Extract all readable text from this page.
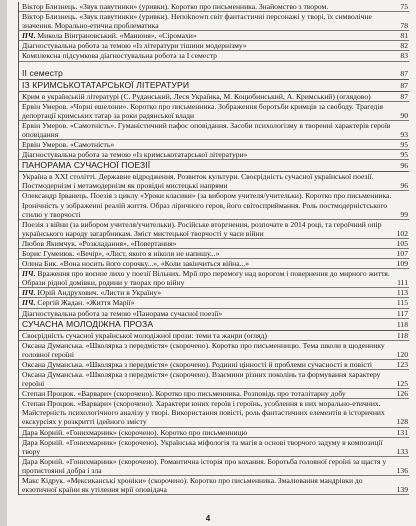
Віктор Близнець. «Звук павутинки» (уривки). Коротко про письменника. Знайомство з твором.	75
Віктор Близнець. «Звук павутинки» (уривки). Непоknown світ фантастичні персонажі у творі, їх символічне значення. Морально-етична проблематика	78
ПЧ. Микола Вінграновський. «Манюня», «Сіромахи»	81
Діагностувальна робота за темою «Із літератури тішини модернізму»	82
Комплексна підсумкова діагностувальна робота за І семестр	83
II семестр	87
ІЗ КРИМСЬКОТАТАРСЬКОЇ ЛІТЕРАТУРИ	87
Крим в українській літературі (С. Руданський, Леся Українка, М. Коцюбинський, А. Кримський) (оглядово)	87
Ервін Умеров. «Чорні ешелони». Коротко про письменника. Зображення боротьби кримців за свободу. Трагедія депортації кримських татар за роки радянської влади	90
Ервін Умеров. «Самотність». Гуманістичний пафос оповідання. Засоби психологізму в творенні характерів героїв оповідання	93
Ервін Умеров. «Самотність»	95
Діагностувальна робота за темою «Із кримськотатарської літератури»	95
ПАНОРАМА СУЧАСНОЇ ПОЕЗІЇ	96
Україна в XXI столітті. Державне відродження. Розвиток культури. Своєрідність сучасної української поезії. Постмодернізм і метамодернізм як провідні мистецькі напрями	96
Олександр Ірванець. Поезія з циклу «Уроки класики» (за вибором учителя/учительки). Коротко про письменника. Іронічність у зображенні реалій життя. Образ ліричного героя, його світосприймання. Роль постмодерністського стилю у творчості	99
Поезія з війни (за вибором учителя/учительки). Російське вторгнення, розпочате в 2014 році, та героїчний опір українського народу загарбникам. Зміст мистецької творчості у часи війни	102
Любов Якимчук. «Розкладання», «Повертання»	105
Борис Гуменюк. «Вечір», «Лист, якого я ніколи не напишу...»	107
Олена Бик. «Вона носить його сорочку...», «Коли закінчиться війна...»	109
ПЧ. Враження про воєнне лихо у поезії Вільних. Мрії про перемогу над ворогом і повернення до мирного життя. Образи рідної домівки, родини у творах про війну	111
ПЧ. Юрій Андрухович. «Листи в Україну»	113
ПЧ. Сергій Жадан. «Життя Марії»	115
Діагностувальна робота за темою «Панорама сучасної поезії»	117
СУЧАСНА МОЛОДІЖНА ПРОЗА	118
Своєрідність сучасної української молодіжної прози: теми та жанри (огляд)	118
Оксана Думанська. «Школярка з передмістя» (скорочено). Коротко про письменницю. Тема школи в щоденнику головної героїні	120
Оксана Думанська. «Школярка з передмістя» (скорочено). Родинні цінності й проблеми сучасності в повісті	123
Оксана Думанська. «Школярка з передмістя» (скорочено). Взаємини різних поколінь та формування характеру героїні	125
Степан Процюк. «Варвари» (скорочено). Коротко про письменника. Розповідь про тоталітарну добу	126
Степан Процюк. «Варвари» (скорочено). Характери юних героїв і героїнь, усоблення в них морально-етичних. Майстерність психологічного аналізу у творі. Використання повісті, роль фантастичних елементів в історичних екскурсіях у розкритті ідейного змісту	128
Дара Корній. «Гонихмарник» (скорочено). Коротко про письменницю	131
Дара Корній. «Гонихмарник» (скорочено). Українська міфологія та магія в основі творчого задуму в композиції твору	133
Дара Корній. «Гонихмарник» (скорочено). Романтична історія про кохання. Боротьба головної героїні за щастя у протистоянні добра і зла	136
Макс Кідрук. «Мексиканські хроніки» (скорочено). Коротко про письменника. Змалювання мандрівки до екзотичної країни як утілення мрії оповідача	139
4
